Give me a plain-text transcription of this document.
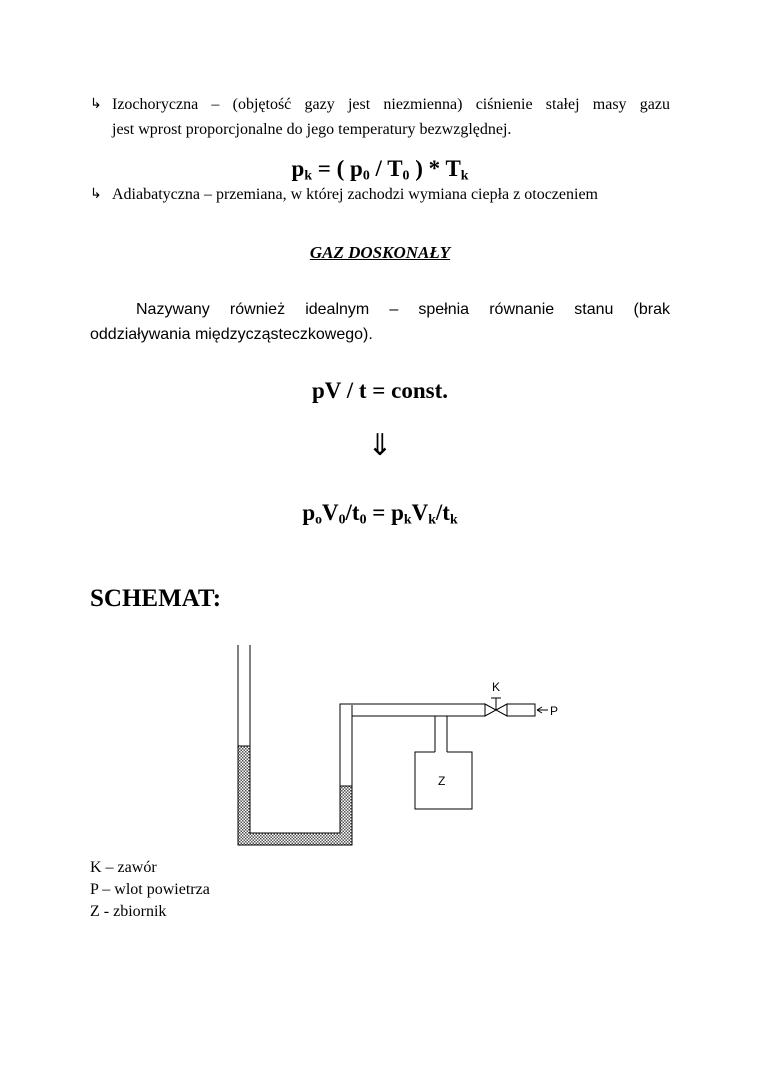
↳ Izochoryczna – (objętość gazy jest niezmienna) ciśnienie stałej masy gazu
jest wprost proporcjonalne do jego temperatury bezwzględnej.
$p_k$ = ( $p_0 / T_0$ ) * $T_k$
↳ Adiabatyczna – przemiana, w której zachodzi wymiana ciepła z otoczeniem
GAZ DOSKONAŁY
Nazywany również idealnym – spełnia równanie stanu (brak
oddziaływania międzycząsteczkowego).
pV / t = const.
⇓
$p_oV_0/t_0 = p_kV_k/t_k$
SCHEMAT:
K
P
Z
K – zawór
P – wlot powietrza
Z - zbiornik
